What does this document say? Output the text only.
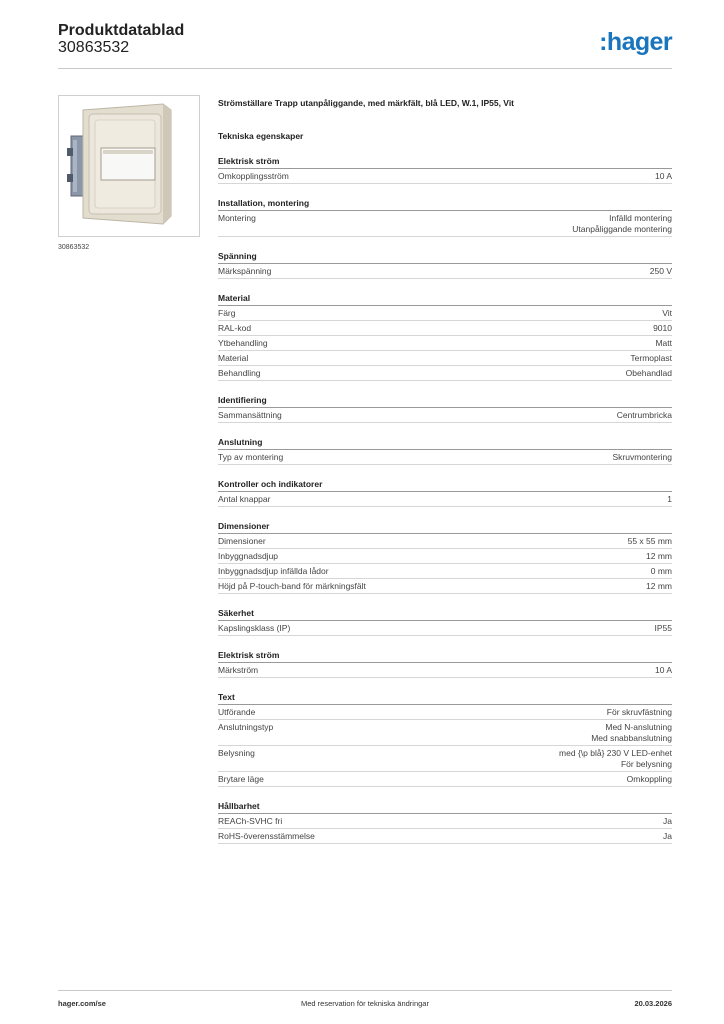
Produktdatablad
30863532	:hager
30863532
Strömställare Trapp utanpåliggande, med märkfält, blå LED, W.1, IP55, Vit
Tekniska egenskaper
Elektrisk ström
Omkopplingsström	10 A
Installation, montering
Montering	Infälld montering
Utanpåliggande montering
Spänning
Märkspänning	250 V
Material
Färg	Vit
RAL-kod	9010
Ytbehandling	Matt
Material	Termoplast
Behandling	Obehandlad
Identifiering
Sammansättning	Centrumbricka
Anslutning
Typ av montering	Skruvmontering
Kontroller och indikatorer
Antal knappar	1
Dimensioner
Dimensioner	55 x 55 mm
Inbyggnadsdjup	12 mm
Inbyggnadsdjup infällda lådor	0 mm
Höjd på P-touch-band för märkningsfält	12 mm
Säkerhet
Kapslingsklass (IP)	IP55
Elektrisk ström
Märkström	10 A
Text
Utförande	För skruvfästning
Anslutningstyp	Med N-anslutning
Med snabbanslutning
Belysning	med {\p blå} 230 V LED-enhet
För belysning
Brytare läge	Omkoppling
Hållbarhet
REACh-SVHC fri	Ja
RoHS-överensstämmelse	Ja
hager.com/se	Med reservation för tekniska ändringar	20.03.2026
